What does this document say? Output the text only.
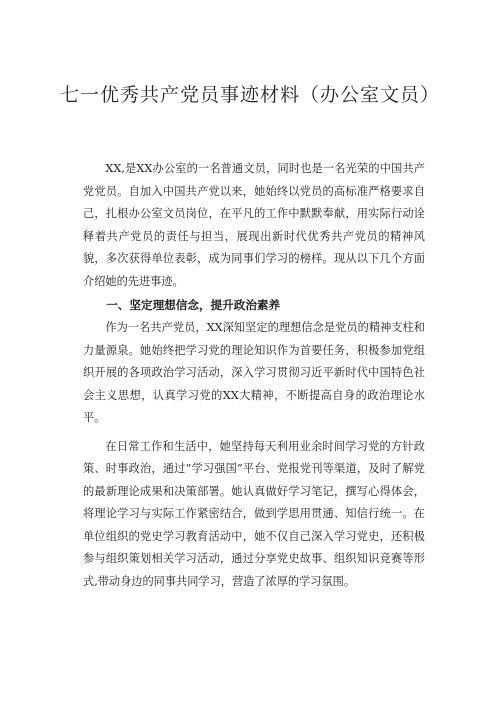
七一优秀共产党员事迹材料（办公室文员）

XX,是XX办公室的一名普通文员，同时也是一名光荣的中国共产党党员。自加入中国共产党以来，她始终以党员的高标准严格要求自己，扎根办公室文员岗位，在平凡的工作中默默奉献，用实际行动诠释着共产党员的责任与担当，展现出新时代优秀共产党员的精神风貌，多次获得单位表彰，成为同事们学习的榜样。现从以下几个方面介绍她的先进事迹。

一、坚定理想信念，提升政治素养

作为一名共产党员，XX深知坚定的理想信念是党员的精神支柱和力量源泉。她始终把学习党的理论知识作为首要任务，积极参加党组织开展的各项政治学习活动，深入学习贯彻习近平新时代中国特色社会主义思想，认真学习党的XX大精神，不断提高自身的政治理论水平。

在日常工作和生活中，她坚持每天利用业余时间学习党的方针政策、时事政治，通过“学习强国”平台、党报党刊等渠道，及时了解党的最新理论成果和决策部署。她认真做好学习笔记，撰写心得体会，将理论学习与实际工作紧密结合，做到学思用贯通、知信行统一。在单位组织的党史学习教育活动中，她不仅自己深入学习党史，还积极参与组织策划相关学习活动，通过分享党史故事、组织知识竞赛等形式,带动身边的同事共同学习，营造了浓厚的学习氛围。
